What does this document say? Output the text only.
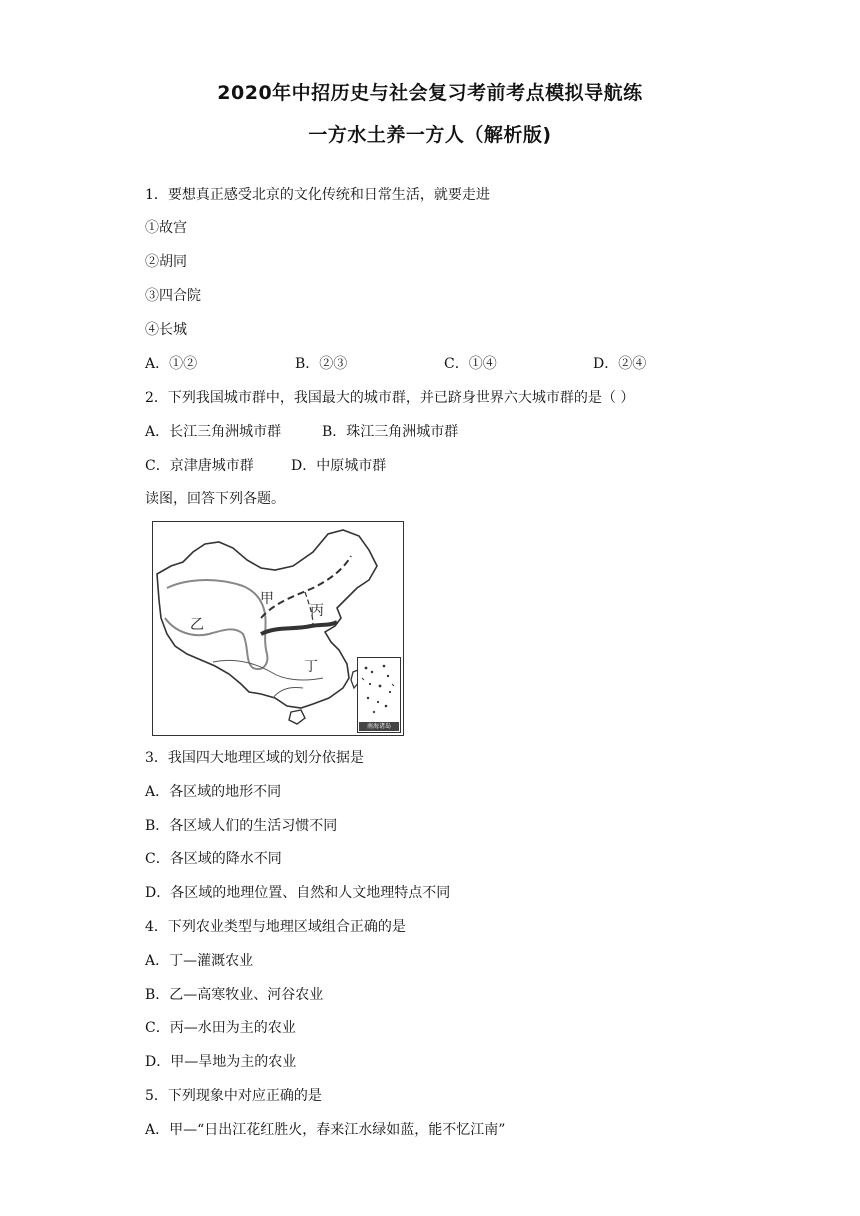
2020年中招历史与社会复习考前考点模拟导航练
一方水土养一方人（解析版)
1．要想真正感受北京的文化传统和日常生活，就要走进
①故宫
②胡同
③四合院
④长城
A．①②	B．②③	C．①④	D．②④
2．下列我国城市群中，我国最大的城市群，并已跻身世界六大城市群的是（ ）
A．长江三角洲城市群	B．珠江三角洲城市群
C．京津唐城市群	D．中原城市群
读图，回答下列各题。
甲
乙
丙
丁
南海诸岛
3．我国四大地理区域的划分依据是
A．各区域的地形不同
B．各区域人们的生活习惯不同
C．各区域的降水不同
D．各区域的地理位置、自然和人文地理特点不同
4．下列农业类型与地理区域组合正确的是
A．丁—灌溉农业
B．乙—高寒牧业、河谷农业
C．丙—水田为主的农业
D．甲—旱地为主的农业
5．下列现象中对应正确的是
A．甲—“日出江花红胜火，春来江水绿如蓝，能不忆江南”
